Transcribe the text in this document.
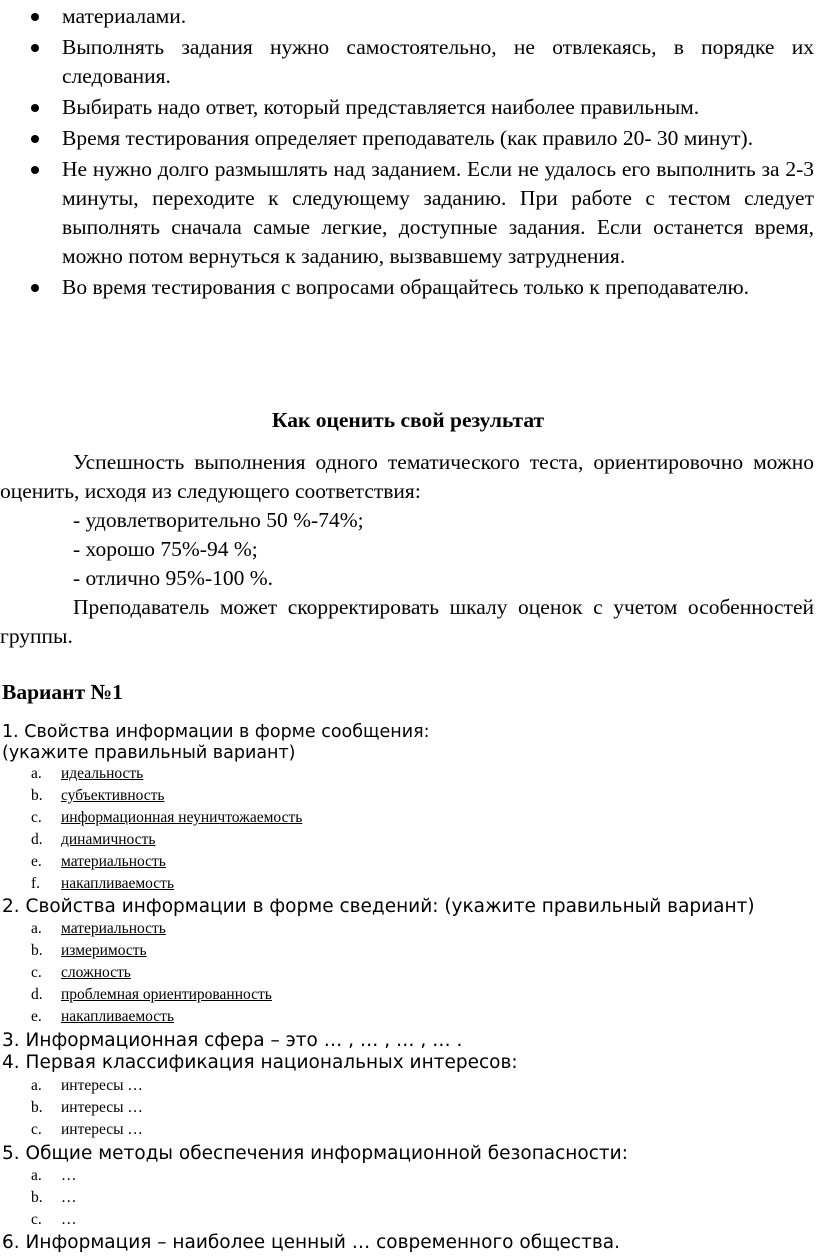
материалами.
Выполнять задания нужно самостоятельно, не отвлекаясь, в порядке их следования.
Выбирать надо ответ, который представляется наиболее правильным.
Время тестирования определяет преподаватель (как правило 20- 30 минут).
Не нужно долго размышлять над заданием. Если не удалось его выполнить за 2-3 минуты, переходите к следующему заданию. При работе с тестом следует выполнять сначала самые легкие, доступные задания. Если останется время, можно потом вернуться к заданию, вызвавшему затруднения.
Во время тестирования с вопросами обращайтесь только к преподавателю.
Как оценить свой результат
Успешность выполнения одного тематического теста, ориентировочно можно оценить, исходя из следующего соответствия:
- удовлетворительно 50 %-74%;
- хорошо 75%-94 %;
- отлично 95%-100 %.
Преподаватель может скорректировать шкалу оценок с учетом особенностей группы.
Вариант №1
1. Свойства информации в форме сообщения:
(укажите правильный вариант)
a. идеальность
b. субъективность
c. информационная неуничтожаемость
d. динамичность
e. материальность
f. накапливаемость
2. Свойства информации в форме сведений: (укажите правильный вариант)
a. материальность
b. измеримость
c. сложность
d. проблемная ориентированность
e. накапливаемость
3. Информационная сфера – это … , … , … , … .
4. Первая классификация национальных интересов:
a. интересы …
b. интересы …
c. интересы …
5. Общие методы обеспечения информационной безопасности:
a. …
b. …
c. …
6. Информация – наиболее ценный … современного общества.
